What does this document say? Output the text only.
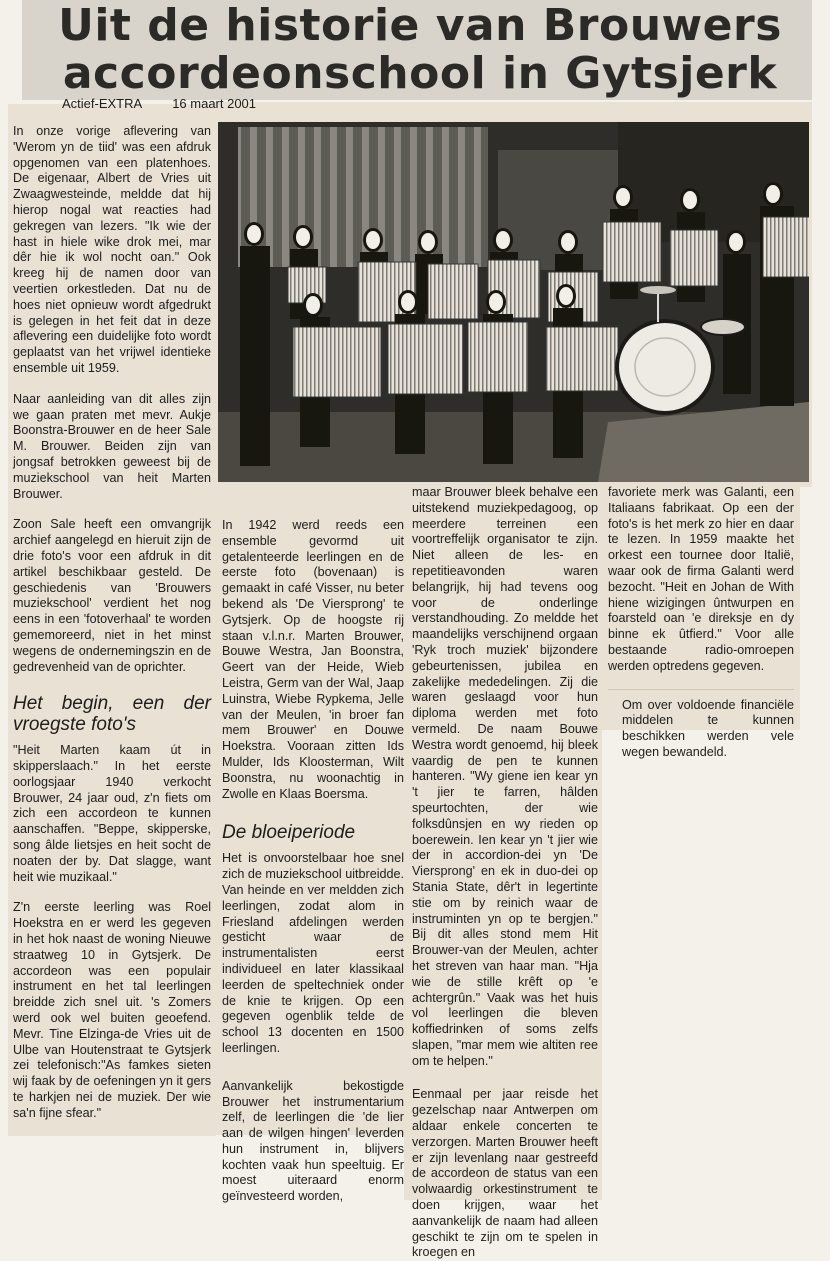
Uit de historie van Brouwers
accordeonschool in Gytsjerk
Actief-EXTRA 16 maart 2001

In onze vorige aflevering van 'Werom yn de tiid' was een afdruk opgenomen van een platenhoes. De eigenaar, Albert de Vries uit Zwaagwesteinde, meldde dat hij hierop nogal wat reacties had gekregen van lezers. "Ik wie der hast in hiele wike drok mei, mar dêr hie ik wol nocht oan." Ook kreeg hij de namen door van veertien orkestleden. Dat nu de hoes niet opnieuw wordt afgedrukt is gelegen in het feit dat in deze aflevering een duidelijke foto wordt geplaatst van het vrijwel identieke ensemble uit 1959.

Naar aanleiding van dit alles zijn we gaan praten met mevr. Aukje Boonstra-Brouwer en de heer Sale M. Brouwer. Beiden zijn van jongsaf betrokken geweest bij de muziekschool van heit Marten Brouwer.

Zoon Sale heeft een omvangrijk archief aangelegd en hieruit zijn de drie foto's voor een afdruk in dit artikel beschikbaar gesteld. De geschiedenis van 'Brouwers muziekschool' verdient het nog eens in een 'fotoverhaal' te worden gememoreerd, niet in het minst wegens de ondernemingszin en de gedrevenheid van de oprichter.

Het begin, een der vroegste foto's

"Heit Marten kaam út in skipperslaach." In het eerste oorlogsjaar 1940 verkocht Brouwer, 24 jaar oud, z'n fiets om zich een accordeon te kunnen aanschaffen. "Beppe, skipperske, song âlde lietsjes en heit socht de noaten der by. Dat slagge, want heit wie muzikaal."

Z'n eerste leerling was Roel Hoekstra en er werd les gegeven in het hok naast de woning Nieuwe straatweg 10 in Gytsjerk. De accordeon was een populair instrument en het tal leerlingen breidde zich snel uit. 's Zomers werd ook wel buiten geoefend. Mevr. Tine Elzinga-de Vries uit de Ulbe van Houtenstraat te Gytsjerk zei telefonisch:"As famkes sieten wij faak by de oefeningen yn it gers te harkjen nei de muziek. Der wie sa'n fijne sfear."

In 1942 werd reeds een ensemble gevormd uit getalenteerde leerlingen en de eerste foto (bovenaan) is gemaakt in café Visser, nu beter bekend als 'De Viersprong' te Gytsjerk. Op de hoogste rij staan v.l.n.r. Marten Brouwer, Bouwe Westra, Jan Boonstra, Geert van der Heide, Wieb Leistra, Germ van der Wal, Jaap Luinstra, Wiebe Rypkema, Jelle van der Meulen, 'in broer fan mem Brouwer' en Douwe Hoekstra. Vooraan zitten Ids Mulder, Ids Kloosterman, Wilt Boonstra, nu woonachtig in Zwolle en Klaas Boersma.

De bloeiperiode

Het is onvoorstelbaar hoe snel zich de muziekschool uitbreidde. Van heinde en ver meldden zich leerlingen, zodat alom in Friesland afdelingen werden gesticht waar de instrumentalisten eerst individueel en later klassikaal leerden de speltechniek onder de knie te krijgen. Op een gegeven ogenblik telde de school 13 docenten en 1500 leerlingen.

Aanvankelijk bekostigde Brouwer het instrumentarium zelf, de leerlingen die 'de lier aan de wilgen hingen' leverden hun instrument in, blijvers kochten vaak hun speeltuig. Er moest uiteraard enorm geïnvesteerd worden,

maar Brouwer bleek behalve een uitstekend muziekpedagoog, op meerdere terreinen een voortreffelijk organisator te zijn. Niet alleen de les- en repetitieavonden waren belangrijk, hij had tevens oog voor de onderlinge verstandhouding. Zo meldde het maandelijks verschijnend orgaan 'Ryk troch muziek' bijzondere gebeurtenissen, jubilea en zakelijke mededelingen. Zij die waren geslaagd voor hun diploma werden met foto vermeld. De naam Bouwe Westra wordt genoemd, hij bleek vaardig de pen te kunnen hanteren. "Wy giene ien kear yn 't jier te farren, hâlden speurtochten, der wie folksdûnsjen en wy rieden op boerewein. Ien kear yn 't jier wie der in accordion-dei yn 'De Viersprong' en ek in duo-dei op Stania State, dêr't in legertinte stie om by reinich waar de instruminten yn op te bergjen." Bij dit alles stond mem Hit Brouwer-van der Meulen, achter het streven van haar man. "Hja wie de stille krêft op 'e achtergrûn." Vaak was het huis vol leerlingen die bleven koffiedrinken of soms zelfs slapen, "mar mem wie altiten ree om te helpen."

Eenmaal per jaar reisde het gezelschap naar Antwerpen om aldaar enkele concerten te verzorgen. Marten Brouwer heeft er zijn levenlang naar gestreefd de accordeon de status van een volwaardig orkestinstrument te doen krijgen, waar het aanvankelijk de naam had alleen geschikt te zijn om te spelen in kroegen en

favoriete merk was Galanti, een Italiaans fabrikaat. Op een der foto's is het merk zo hier en daar te lezen. In 1959 maakte het orkest een tournee door Italië, waar ook de firma Galanti werd bezocht. "Heit en Johan de With hiene wizigingen ûntwurpen en foarsteld oan 'e direksje en dy binne ek ûtfierd." Voor alle bestaande radio-omroepen werden optredens gegeven.

Om over voldoende financiële middelen te kunnen beschikken werden vele wegen bewandeld.
